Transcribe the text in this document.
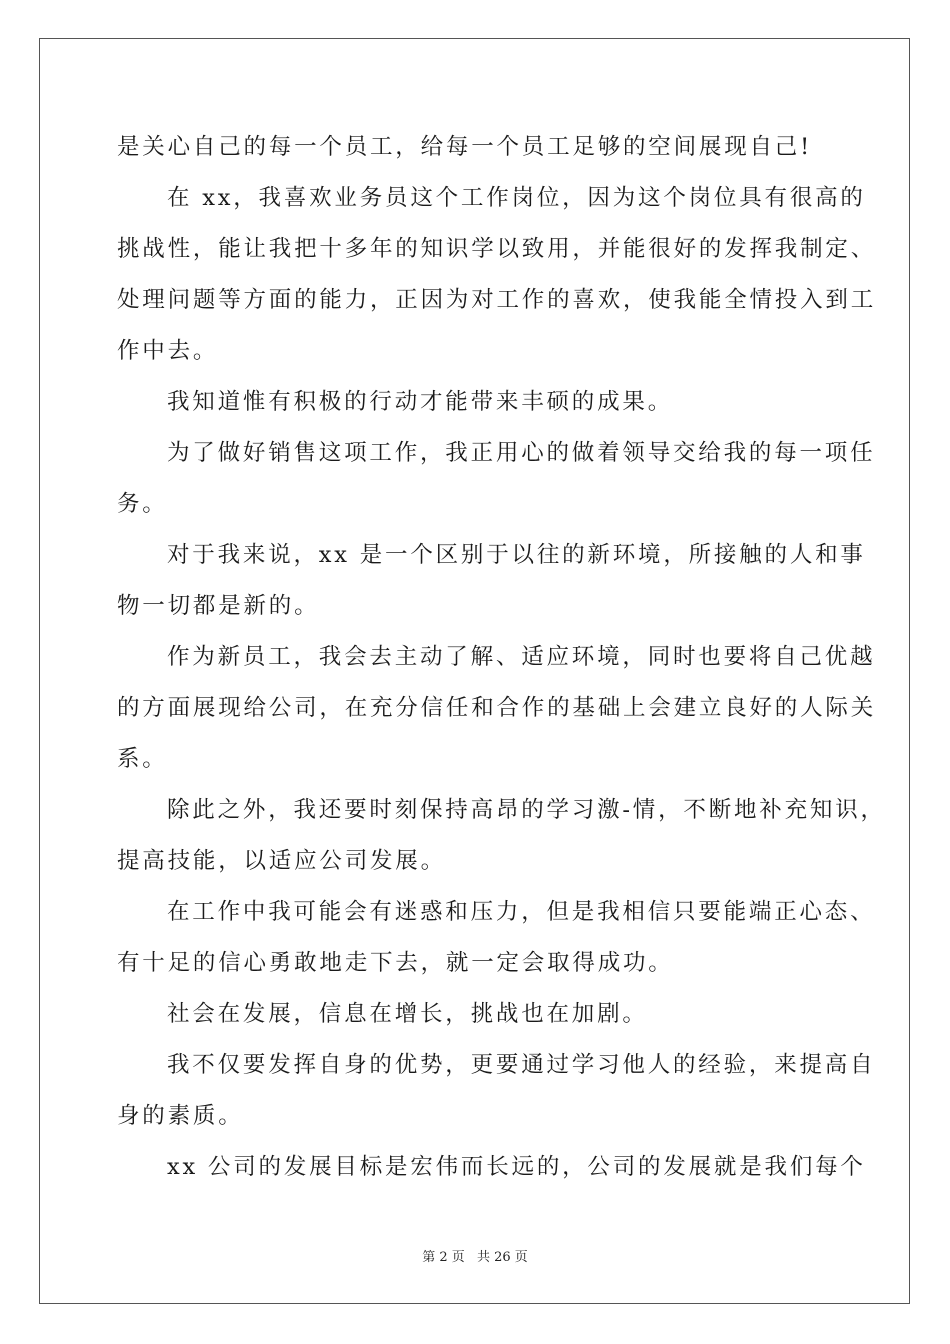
是关心自己的每一个员工，给每一个员工足够的空间展现自己!
在 xx，我喜欢业务员这个工作岗位，因为这个岗位具有很高的
挑战性，能让我把十多年的知识学以致用，并能很好的发挥我制定、
处理问题等方面的能力，正因为对工作的喜欢，使我能全情投入到工
作中去。
我知道惟有积极的行动才能带来丰硕的成果。
为了做好销售这项工作，我正用心的做着领导交给我的每一项任
务。
对于我来说，xx 是一个区别于以往的新环境，所接触的人和事
物一切都是新的。
作为新员工，我会去主动了解、适应环境，同时也要将自己优越
的方面展现给公司，在充分信任和合作的基础上会建立良好的人际关
系。
除此之外，我还要时刻保持高昂的学习激-情，不断地补充知识，
提高技能，以适应公司发展。
在工作中我可能会有迷惑和压力，但是我相信只要能端正心态、
有十足的信心勇敢地走下去，就一定会取得成功。
社会在发展，信息在增长，挑战也在加剧。
我不仅要发挥自身的优势，更要通过学习他人的经验，来提高自
身的素质。
xx 公司的发展目标是宏伟而长远的，公司的发展就是我们每个
第 2 页 共 26 页
